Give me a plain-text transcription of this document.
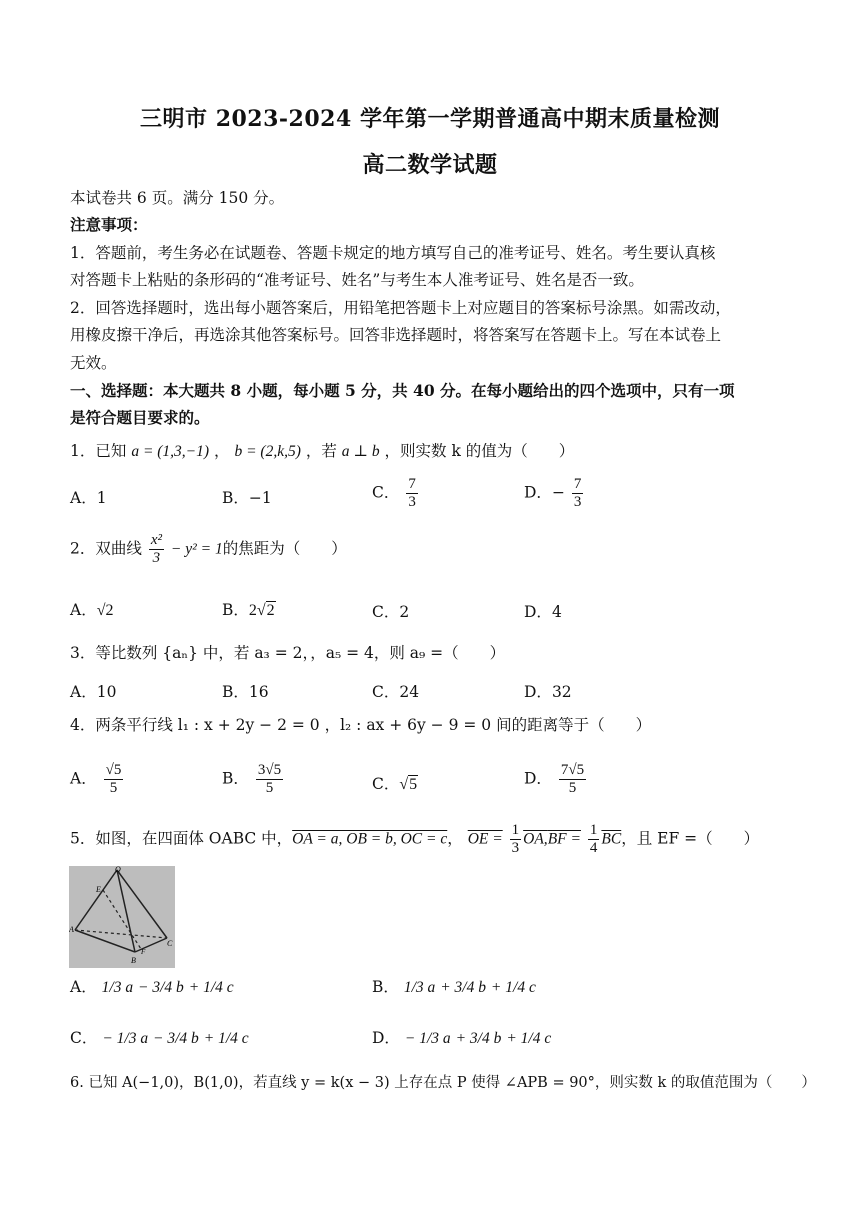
三明市 2023-2024 学年第一学期普通高中期末质量检测
高二数学试题
本试卷共 6 页。满分 150 分。
注意事项：
1．答题前，考生务必在试题卷、答题卡规定的地方填写自己的准考证号、姓名。考生要认真核
对答题卡上粘贴的条形码的“准考证号、姓名”与考生本人准考证号、姓名是否一致。
2．回答选择题时，选出每小题答案后，用铅笔把答题卡上对应题目的答案标号涂黑。如需改动，
用橡皮擦干净后，再选涂其他答案标号。回答非选择题时，将答案写在答题卡上。写在本试卷上
无效。
一、选择题：本大题共 8 小题，每小题 5 分，共 40 分。在每小题给出的四个选项中，只有一项
是符合题目要求的。
1．已知 a = (1,3,−1) ， b = (2,k,5) ，若 a ⊥ b ，则实数 k 的值为（　　）
A．1	B．−1	C． $\frac{7}{3}$	D．− $\frac{7}{3}$
2．双曲线 $\frac{\text{x²}}{3} - y^2 = 1$的焦距为（　　）
A．√2	B．2√2	C．2	D．4
3．等比数列 {aₙ} 中，若 a₃ = 2，，a₅ = 4，则 a₉ =（　　）
A．10	B．16	C．24	D．32
4．两条平行线 l₁ : x + 2y − 2 = 0 ，l₂ : ax + 6y − 9 = 0 间的距离等于（　　）
A． $\frac{√5}{5}$	B． $\frac{3√5}{5}$	C．√5	D． $\frac{7√5}{5}$
5．如图，在四面体 OABC 中，OA = a, OB = b, OC = c， OE = $\frac{1}{3} OA,BF = \frac{1}{4} \overline{BC}$，且 EF =（　　）
O
E
A
B
C
F
A． 1/3 a − 3/4 b + 1/4 c	B． 1/3 a + 3/4 b + 1/4 c
C． − 1/3 a − 3/4 b + 1/4 c	D． − 1/3 a + 3/4 b + 1/4 c
6. 已知 A(−1,0)，B(1,0)，若直线 y = k(x − 3) 上存在点 P 使得 ∠APB = 90°，则实数 k 的取值范围为（　　）
